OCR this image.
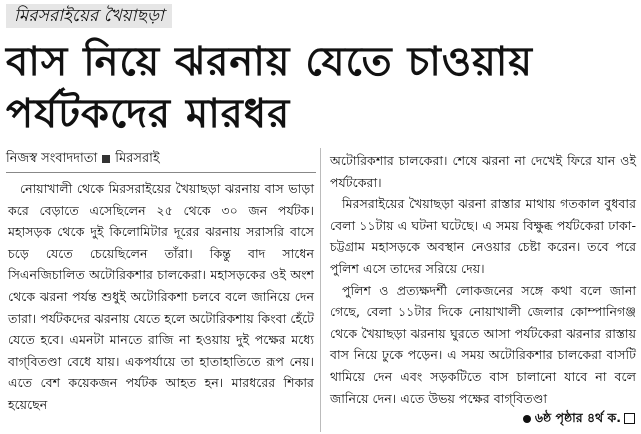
মিরসরাইয়ের খৈয়াছড়া
বাস নিয়ে ঝরনায় যেতে চাওয়ায় পর্যটকদের মারধর
নিজস্ব সংবাদদাতা মিরসরাই

নোয়াখালী থেকে মিরসরাইয়ের খৈয়াছড়া ঝরনায় বাস ভাড়া করে বেড়াতে এসেছিলেন ২৫ থেকে ৩০ জন পর্যটক। মহাসড়ক থেকে দুই কিলোমিটার দূরের ঝরনায় সরাসরি বাসে চড়ে যেতে চেয়েছিলেন তাঁরা। কিন্তু বাদ সাধেন সিএনজিচালিত অটোরিকশার চালকেরা। মহাসড়কের ওই অংশ থেকে ঝরনা পর্যন্ত শুধুই অটোরিকশা চলবে বলে জানিয়ে দেন তারা। পর্যটকদের ঝরনায় যেতে হলে অটোরিকশায় কিংবা হেঁটে যেতে হবে। এমনটা মানতে রাজি না হওয়ায় দুই পক্ষের মধ্যে বাগ্‌বিতণ্ডা বেধে যায়। একপর্যায়ে তা হাতাহাতিতে রূপ নেয়। এতে বেশ কয়েকজন পর্যটক আহত হন। মারধরের শিকার হয়েছেন

অটোরিকশার চালকেরা। শেষে ঝরনা না দেখেই ফিরে যান ওই পর্যটকেরা।

মিরসরাইয়ের খৈয়াছড়া ঝরনা রাস্তার মাথায় গতকাল বুধবার বেলা ১১টায় এ ঘটনা ঘটেছে। এ সময় বিক্ষুব্ধ পর্যটকেরা ঢাকা-চট্টগ্রাম মহাসড়কে অবস্থান নেওয়ার চেষ্টা করেন। তবে পরে পুলিশ এসে তাদের সরিয়ে দেয়।

পুলিশ ও প্রত্যক্ষদর্শী লোকজনের সঙ্গে কথা বলে জানা গেছে, বেলা ১১টার দিকে নোয়াখালী জেলার কোম্পানিগঞ্জ থেকে খৈয়াছড়া ঝরনায় ঘুরতে আসা পর্যটকেরা ঝরনার রাস্তায় বাস নিয়ে ঢুকে পড়েন। এ সময় অটোরিকশার চালকেরা বাসটি থামিয়ে দেন এবং সড়কটিতে বাস চালানো যাবে না বলে জানিয়ে দেন। এতে উভয় পক্ষের বাগ্‌বিতণ্ডা

৬ষ্ঠ পৃষ্ঠার ৪র্থ ক.
